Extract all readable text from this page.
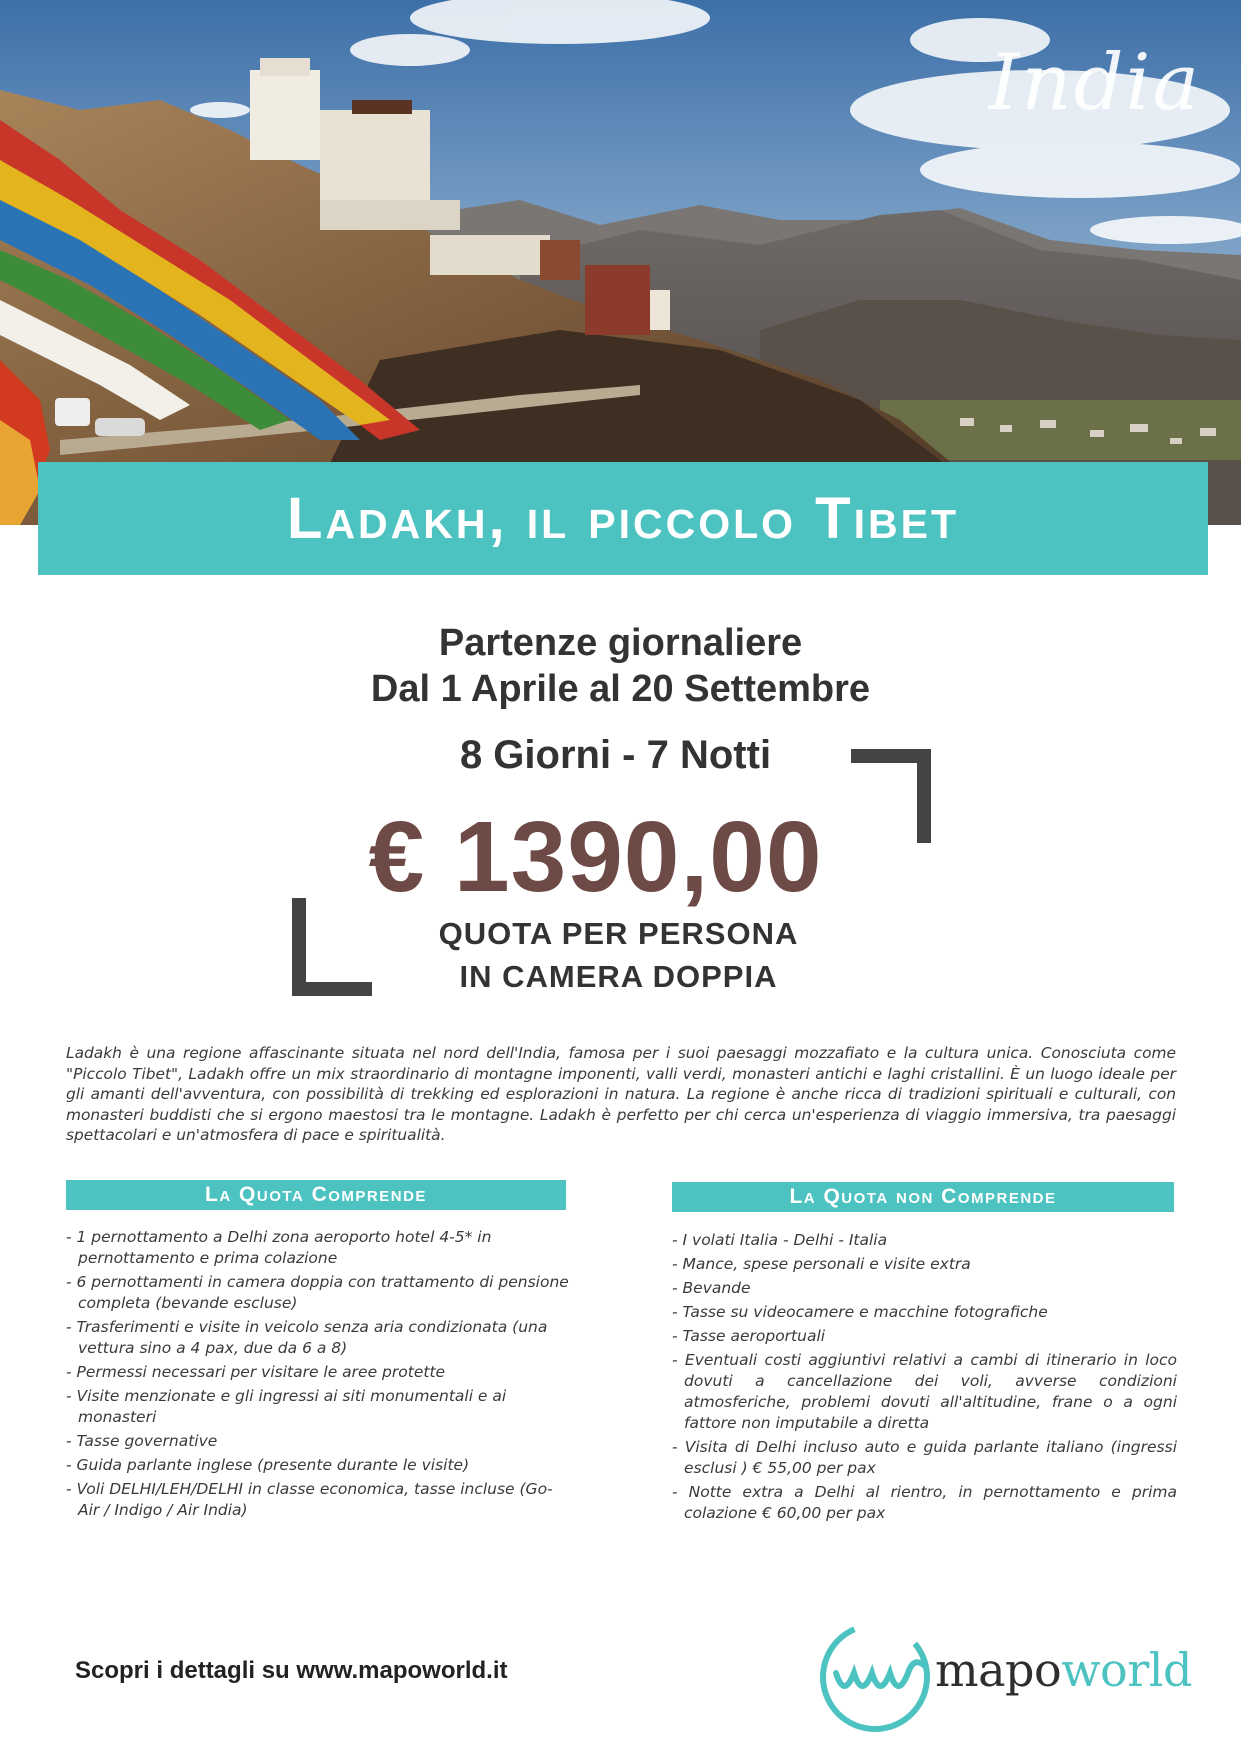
India
Ladakh, il piccolo Tibet
Partenze giornaliere
Dal 1 Aprile al 20 Settembre
8 Giorni - 7 Notti
€ 1390,00
QUOTA PER PERSONA
IN CAMERA DOPPIA

Ladakh è una regione affascinante situata nel nord dell'India, famosa per i suoi paesaggi mozzafiato e la cultura unica. Conosciuta come "Piccolo Tibet", Ladakh offre un mix straordinario di montagne imponenti, valli verdi, monasteri antichi e laghi cristallini. È un luogo ideale per gli amanti dell'avventura, con possibilità di trekking ed esplorazioni in natura. La regione è anche ricca di tradizioni spirituali e culturali, con monasteri buddisti che si ergono maestosi tra le montagne. Ladakh è perfetto per chi cerca un'esperienza di viaggio immersiva, tra paesaggi spettacolari e un'atmosfera di pace e spiritualità.

La Quota Comprende
- 1 pernottamento a Delhi zona aeroporto hotel 4-5* in pernottamento e prima colazione
- 6 pernottamenti in camera doppia con trattamento di pensione completa (bevande escluse)
- Trasferimenti e visite in veicolo senza aria condizionata (una vettura sino a 4 pax, due da 6 a 8)
- Permessi necessari per visitare le aree protette
- Visite menzionate e gli ingressi ai siti monumentali e ai monasteri
- Tasse governative
- Guida parlante inglese (presente durante le visite)
- Voli DELHI/LEH/DELHI in classe economica, tasse incluse (Go-Air / Indigo / Air India)
La Quota non Comprende
- I volati Italia - Delhi - Italia
- Mance, spese personali e visite extra
- Bevande
- Tasse su videocamere e macchine fotografiche
- Tasse aeroportuali
- Eventuali costi aggiuntivi relativi a cambi di itinerario in loco dovuti a cancellazione dei voli, avverse condizioni atmosferiche, problemi dovuti all'altitudine, frane o a ogni fattore non imputabile a diretta
- Visita di Delhi incluso auto e guida parlante italiano (ingressi esclusi ) € 55,00 per pax
- Notte extra a Delhi al rientro, in pernottamento e prima colazione € 60,00 per pax
Scopri i dettagli su www.mapoworld.it	mapoworld
